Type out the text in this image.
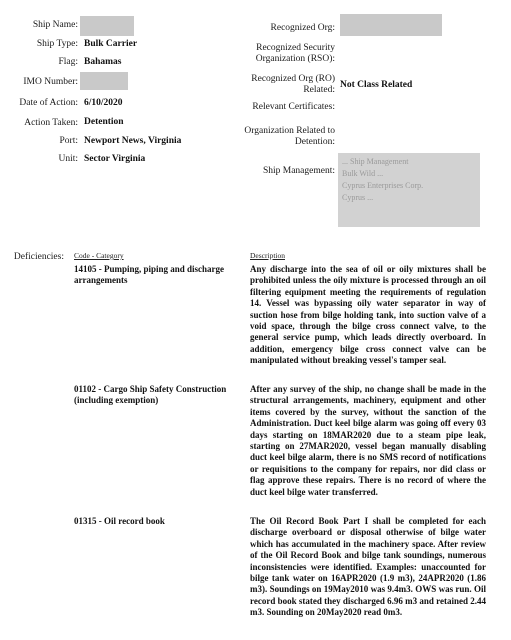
Ship Name:
Ship Type: Bulk Carrier
Flag: Bahamas
IMO Number:
Date of Action: 6/10/2020
Action Taken: Detention
Port: Newport News, Virginia
Unit: Sector Virginia
Recognized Org:
Recognized Security Organization (RSO):
Recognized Org (RO) Related: Not Class Related
Relevant Certificates:
Organization Related to Detention:
Ship Management:
... Ship Management
Bulk Wild ...
Cyprus Enterprises Corp.
Cyprus ...
Deficiencies: Code - Category	Description
14105 - Pumping, piping and discharge arrangements
Any discharge into the sea of oil or oily mixtures shall be prohibited unless the oily mixture is processed through an oil filtering equipment meeting the requirements of regulation 14. Vessel was bypassing oily water separator in way of suction hose from bilge holding tank, into suction valve of a void space, through the bilge cross connect valve, to the general service pump, which leads directly overboard. In addition, emergency bilge cross connect valve can be manipulated without breaking vessel's tamper seal.
01102 - Cargo Ship Safety Construction (including exemption)
After any survey of the ship, no change shall be made in the structural arrangements, machinery, equipment and other items covered by the survey, without the sanction of the Administration. Duct keel bilge alarm was going off every 03 days starting on 18MAR2020 due to a steam pipe leak, starting on 27MAR2020, vessel began manually disabling duct keel bilge alarm, there is no SMS record of notifications or requisitions to the company for repairs, nor did class or flag approve these repairs. There is no record of where the duct keel bilge water transferred.
01315 - Oil record book	The Oil Record Book Part I shall be completed for each discharge overboard or disposal otherwise of bilge water which has accumulated in the machinery space. After review of the Oil Record Book and bilge tank soundings, numerous inconsistencies were identified. Examples: unaccounted for bilge tank water on 16APR2020 (1.9 m3), 24APR2020 (1.86 m3). Soundings on 19May2010 was 9.4m3. OWS was run. Oil record book stated they discharged 6.96 m3 and retained 2.44 m3. Sounding on 20May2020 read 0m3.
